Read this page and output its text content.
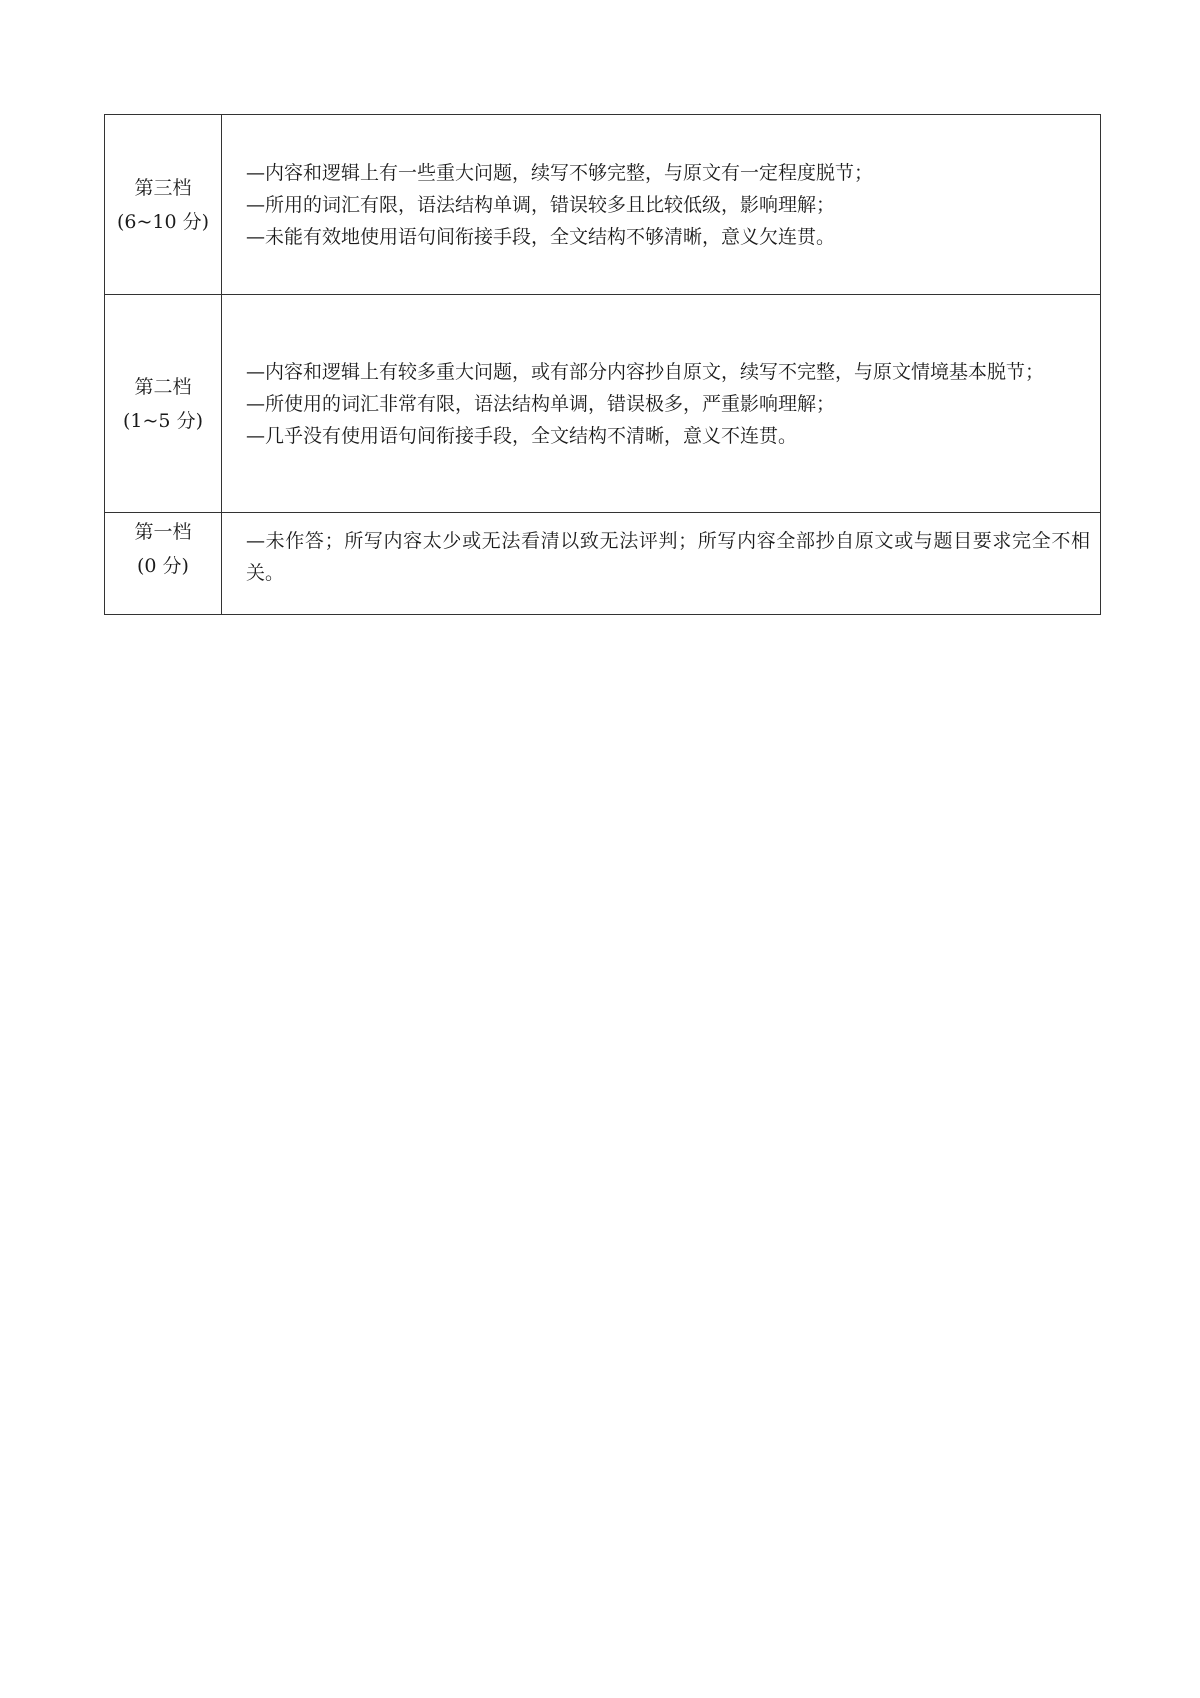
第三档
(6~10 分)	—内容和逻辑上有一些重大问题，续写不够完整，与原文有一定程度脱节；
—所用的词汇有限，语法结构单调，错误较多且比较低级，影响理解；
—未能有效地使用语句间衔接手段，全文结构不够清晰，意义欠连贯。

第二档
(1~5 分)	—内容和逻辑上有较多重大问题，或有部分内容抄自原文，续写不完整，与原文情境基本脱节；
—所使用的词汇非常有限，语法结构单调，错误极多，严重影响理解；
—几乎没有使用语句间衔接手段，全文结构不清晰，意义不连贯。

第一档
(0 分)	—未作答；所写内容太少或无法看清以致无法评判；所写内容全部抄自原文或与题目要求完全不相关。
